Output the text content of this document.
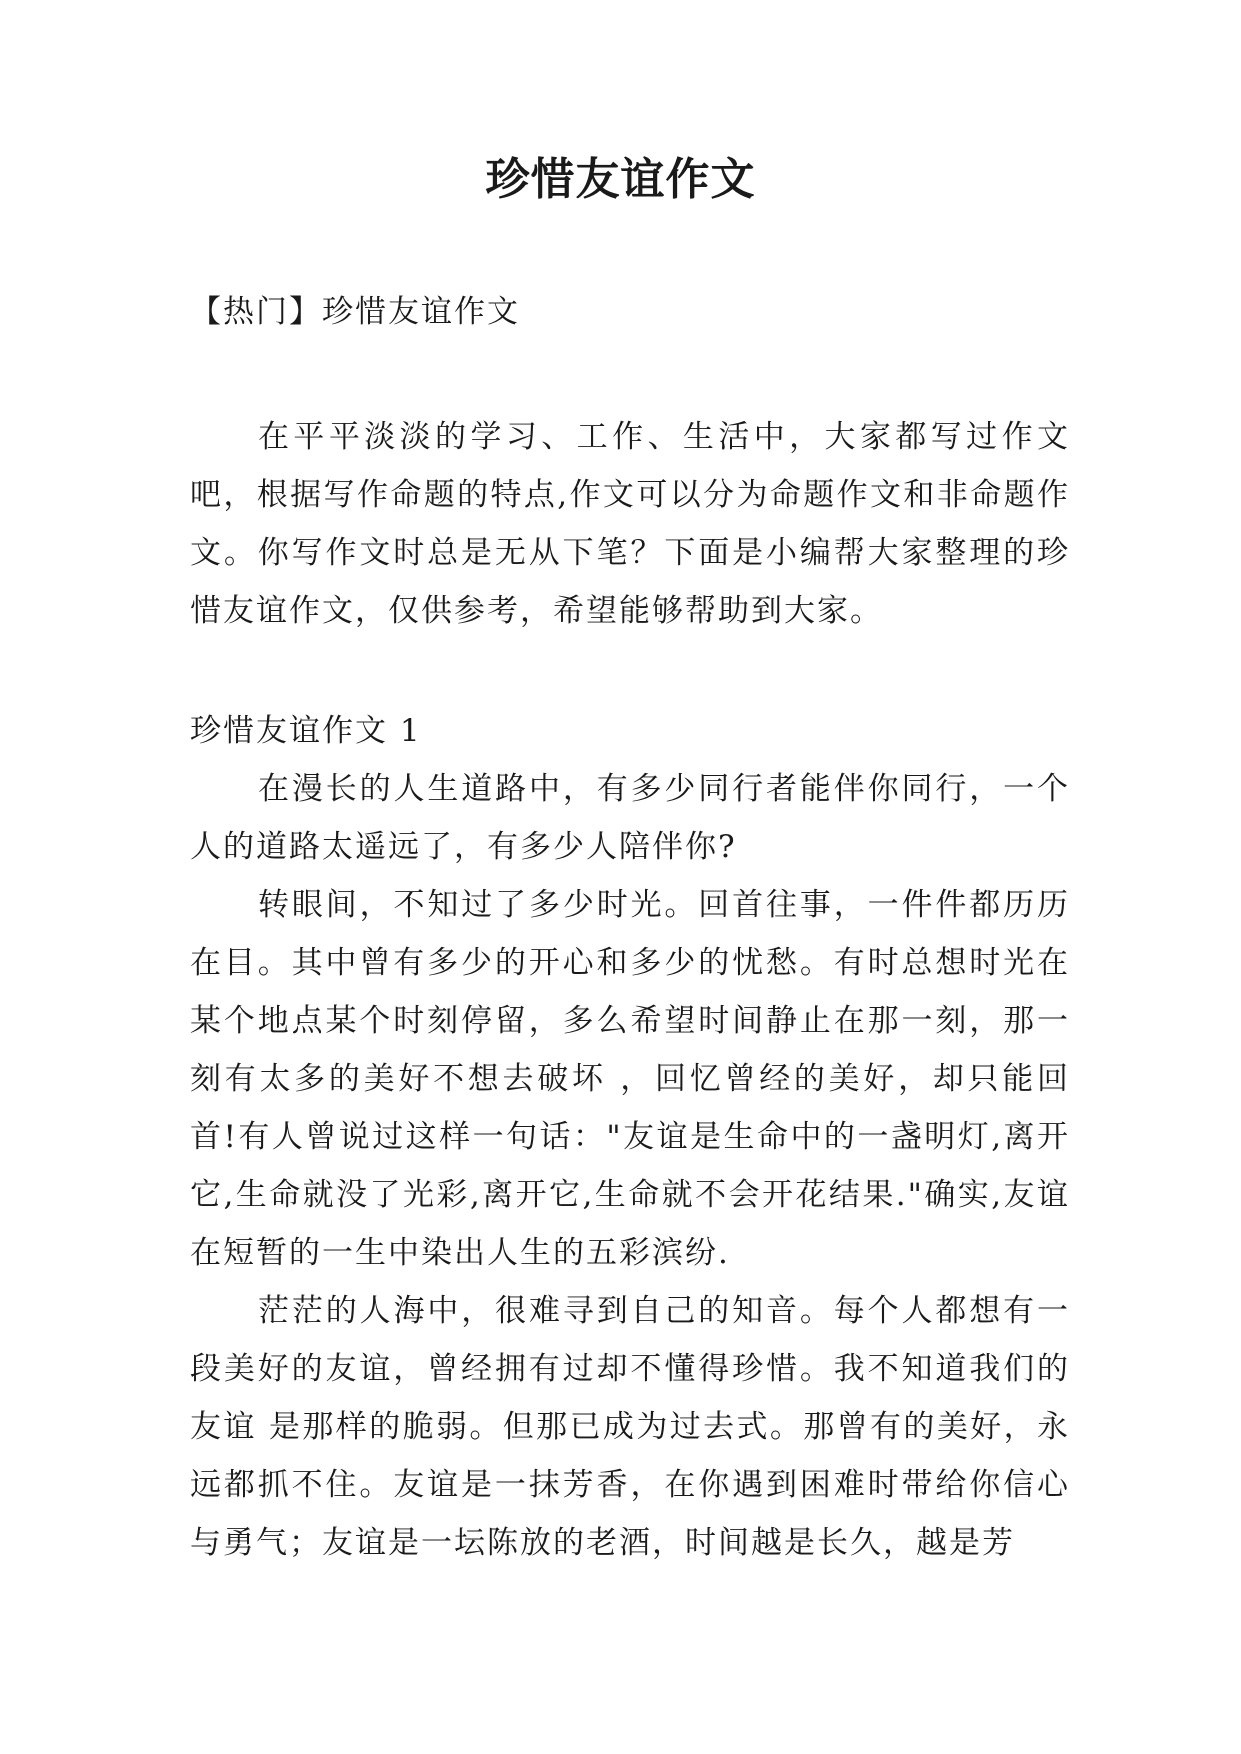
珍惜友谊作文

【热门】珍惜友谊作文

在平平淡淡的学习、工作、生活中，大家都写过作文吧，根据写作命题的特点,作文可以分为命题作文和非命题作文。你写作文时总是无从下笔？下面是小编帮大家整理的珍惜友谊作文，仅供参考，希望能够帮助到大家。

珍惜友谊作文 1

在漫长的人生道路中，有多少同行者能伴你同行，一个人的道路太遥远了，有多少人陪伴你?

转眼间，不知过了多少时光。回首往事，一件件都历历在目。其中曾有多少的开心和多少的忧愁。有时总想时光在某个地点某个时刻停留，多么希望时间静止在那一刻，那一刻有太多的美好不想去破坏 ，回忆曾经的美好，却只能回首!有人曾说过这样一句话："友谊是生命中的一盏明灯,离开它,生命就没了光彩,离开它,生命就不会开花结果."确实,友谊在短暂的一生中染出人生的五彩滨纷.

茫茫的人海中，很难寻到自己的知音。每个人都想有一段美好的友谊，曾经拥有过却不懂得珍惜。我不知道我们的友谊 是那样的脆弱。但那已成为过去式。那曾有的美好，永远都抓不住。友谊是一抹芳香，在你遇到困难时带给你信心与勇气；友谊是一坛陈放的老酒，时间越是长久，越是芳
